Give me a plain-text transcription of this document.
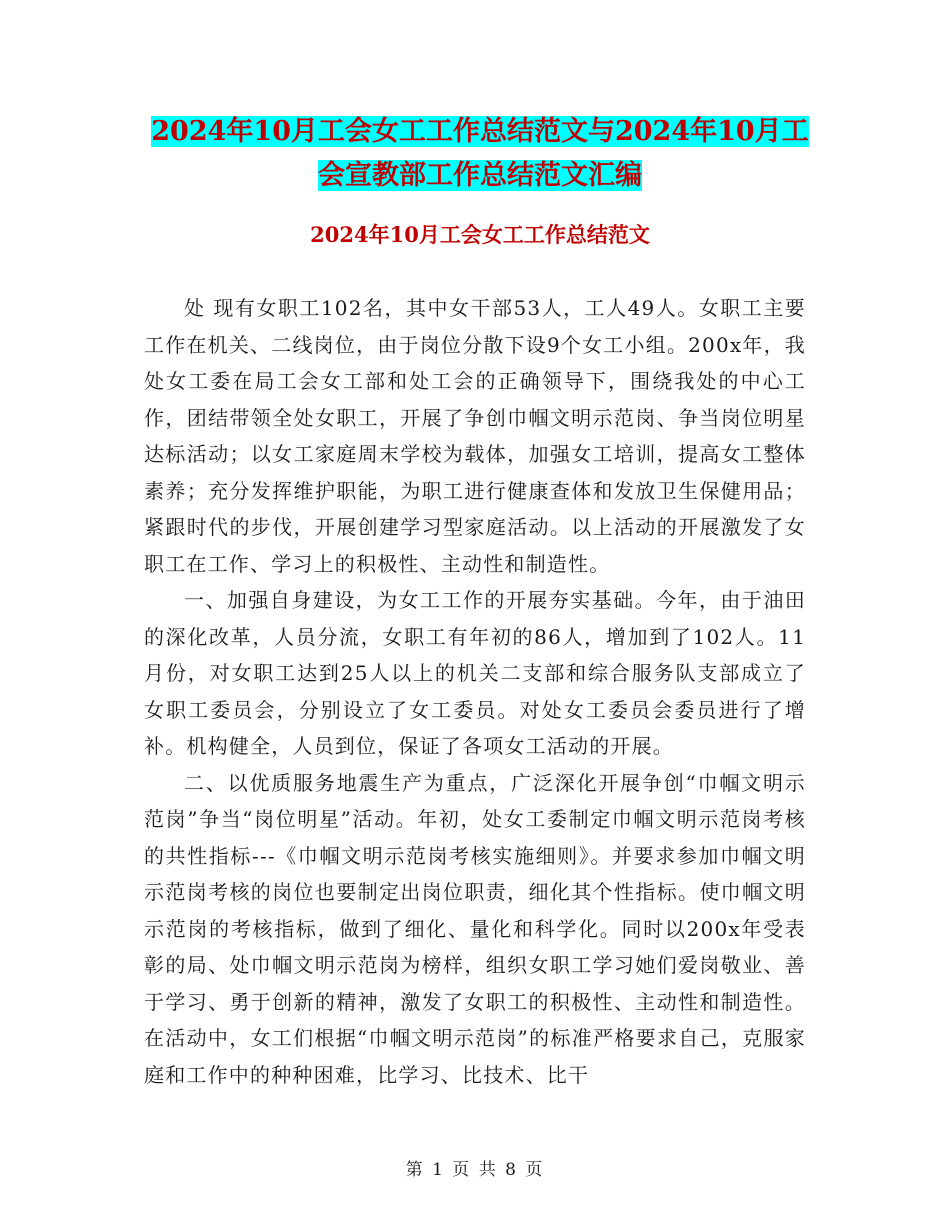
2024年10月工会女工工作总结范文与2024年10月工
会宣教部工作总结范文汇编
2024年10月工会女工工作总结范文

处 现有女职工102名，其中女干部53人，工人49人。女职工主要工作在机关、二线岗位，由于岗位分散下设9个女工小组。200x年，我处女工委在局工会女工部和处工会的正确领导下，围绕我处的中心工作，团结带领全处女职工，开展了争创巾帼文明示范岗、争当岗位明星达标活动；以女工家庭周末学校为载体，加强女工培训，提高女工整体素养；充分发挥维护职能，为职工进行健康查体和发放卫生保健用品；紧跟时代的步伐，开展创建学习型家庭活动。以上活动的开展激发了女职工在工作、学习上的积极性、主动性和制造性。

一、加强自身建设，为女工工作的开展夯实基础。今年，由于油田的深化改革，人员分流，女职工有年初的86人，增加到了102人。11月份，对女职工达到25人以上的机关二支部和综合服务队支部成立了女职工委员会，分别设立了女工委员。对处女工委员会委员进行了增补。机构健全，人员到位，保证了各项女工活动的开展。

二、以优质服务地震生产为重点，广泛深化开展争创“巾帼文明示范岗”争当“岗位明星”活动。年初，处女工委制定巾帼文明示范岗考核的共性指标---《巾帼文明示范岗考核实施细则》。并要求参加巾帼文明示范岗考核的岗位也要制定出岗位职责，细化其个性指标。使巾帼文明示范岗的考核指标，做到了细化、量化和科学化。同时以200x年受表彰的局、处巾帼文明示范岗为榜样，组织女职工学习她们爱岗敬业、善于学习、勇于创新的精神，激发了女职工的积极性、主动性和制造性。在活动中，女工们根据“巾帼文明示范岗”的标准严格要求自己，克服家庭和工作中的种种困难，比学习、比技术、比干

第 1 页 共 8 页
